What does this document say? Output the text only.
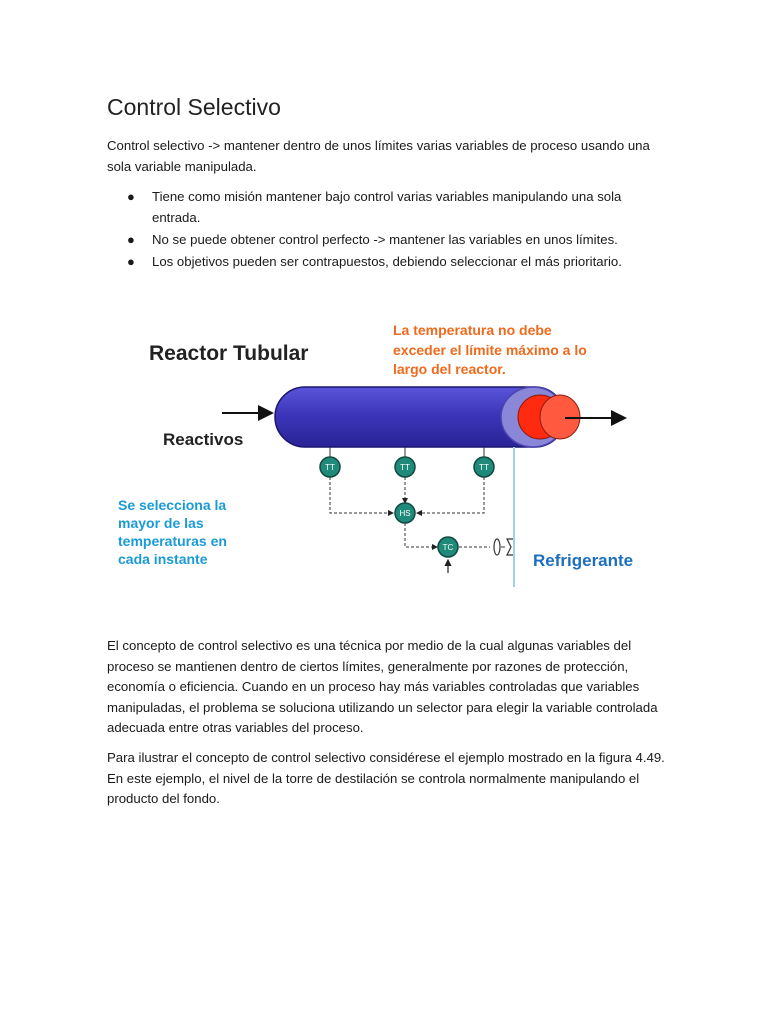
Control Selectivo

Control selectivo -> mantener dentro de unos límites varias variables de proceso usando una sola variable manipulada.

● Tiene como misión mantener bajo control varias variables manipulando una sola entrada.
● No se puede obtener control perfecto -> mantener las variables en unos límites.
● Los objetivos pueden ser contrapuestos, debiendo seleccionar el más prioritario.
Reactor Tubular
La temperatura no debe
exceder el límite máximo a lo
largo del reactor.
Reactivos
TT	TT	TT
HS
TC
Se selecciona la
mayor de las
temperaturas en
cada instante	Refrigerante

El concepto de control selectivo es una técnica por medio de la cual algunas variables del proceso se mantienen dentro de ciertos límites, generalmente por razones de protección, economía o eficiencia. Cuando en un proceso hay más variables controladas que variables manipuladas, el problema se soluciona utilizando un selector para elegir la variable controlada adecuada entre otras variables del proceso.

Para ilustrar el concepto de control selectivo considérese el ejemplo mostrado en la figura 4.49. En este ejemplo, el nivel de la torre de destilación se controla normalmente manipulando el producto del fondo.
